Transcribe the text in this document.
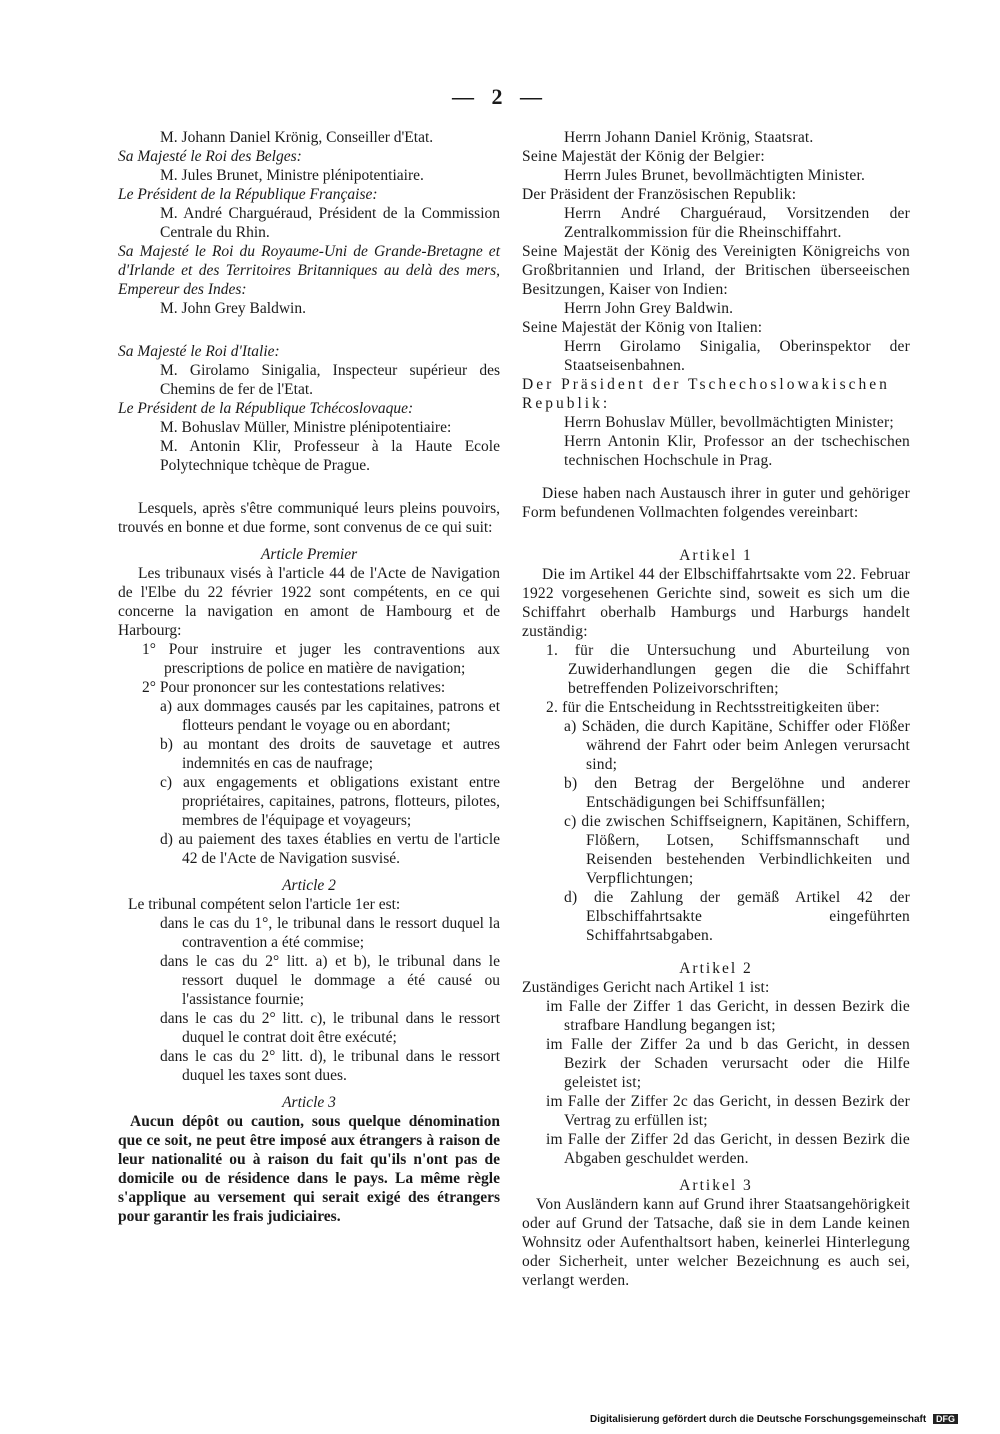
— 2 —
M. Johann Daniel Krönig, Conseiller d'Etat.
Sa Majesté le Roi des Belges:
M. Jules Brunet, Ministre plénipotentiaire.
Le Président de la République Française:
M. André Charguéraud, Président de la Commission Centrale du Rhin.
Sa Majesté le Roi du Royaume-Uni de Grande-Bretagne et d'Irlande et des Territoires Britanniques au delà des mers, Empereur des Indes:
M. John Grey Baldwin.
Sa Majesté le Roi d'Italie:
M. Girolamo Sinigalia, Inspecteur supérieur des Chemins de fer de l'Etat.
Le Président de la République Tchécoslovaque:
M. Bohuslav Müller, Ministre plénipotentiaire:
M. Antonin Klir, Professeur à la Haute Ecole Polytechnique tchèque de Prague.
Lesquels, après s'être communiqué leurs pleins pouvoirs, trouvés en bonne et due forme, sont convenus de ce qui suit:
Article Premier
Les tribunaux visés à l'article 44 de l'Acte de Navigation de l'Elbe du 22 février 1922 sont compétents, en ce qui concerne la navigation en amont de Hambourg et de Harbourg:
1° Pour instruire et juger les contraventions aux prescriptions de police en matière de navigation;
2° Pour prononcer sur les contestations relatives:
a) aux dommages causés par les capitaines, patrons et flotteurs pendant le voyage ou en abordant;
b) au montant des droits de sauvetage et autres indemnités en cas de naufrage;
c) aux engagements et obligations existant entre propriétaires, capitaines, patrons, flotteurs, pilotes, membres de l'équipage et voyageurs;
d) au paiement des taxes établies en vertu de l'article 42 de l'Acte de Navigation susvisé.
Article 2
Le tribunal compétent selon l'article 1er est:
dans le cas du 1°, le tribunal dans le ressort duquel la contravention a été commise;
dans le cas du 2° litt. a) et b), le tribunal dans le ressort duquel le dommage a été causé ou l'assistance fournie;
dans le cas du 2° litt. c), le tribunal dans le ressort duquel le contrat doit être exécuté;
dans le cas du 2° litt. d), le tribunal dans le ressort duquel les taxes sont dues.
Article 3
Aucun dépôt ou caution, sous quelque dénomination que ce soit, ne peut être imposé aux étrangers à raison de leur nationalité ou à raison du fait qu'ils n'ont pas de domicile ou de résidence dans le pays. La même règle s'applique au versement qui serait exigé des étrangers pour garantir les frais judiciaires.
Herrn Johann Daniel Krönig, Staatsrat.
Seine Majestät der König der Belgier:
Herrn Jules Brunet, bevollmächtigten Minister.
Der Präsident der Französischen Republik:
Herrn André Charguéraud, Vorsitzenden der Zentralkommission für die Rheinschiffahrt.
Seine Majestät der König des Vereinigten Königreichs von Großbritannien und Irland, der Britischen überseeischen Besitzungen, Kaiser von Indien:
Herrn John Grey Baldwin.
Seine Majestät der König von Italien:
Herrn Girolamo Sinigalia, Oberinspektor der Staatseisenbahnen.
Der Präsident der Tschechoslowakischen Republik:
Herrn Bohuslav Müller, bevollmächtigten Minister;
Herrn Antonin Klir, Professor an der tschechischen technischen Hochschule in Prag.
Diese haben nach Austausch ihrer in guter und gehöriger Form befundenen Vollmachten folgendes vereinbart:
Artikel 1
Die im Artikel 44 der Elbschiffahrtsakte vom 22. Februar 1922 vorgesehenen Gerichte sind, soweit es sich um die Schiffahrt oberhalb Hamburgs und Harburgs handelt zuständig:
1. für die Untersuchung und Aburteilung von Zuwiderhandlungen gegen die die Schiffahrt betreffenden Polizeivorschriften;
2. für die Entscheidung in Rechtsstreitigkeiten über:
a) Schäden, die durch Kapitäne, Schiffer oder Flößer während der Fahrt oder beim Anlegen verursacht sind;
b) den Betrag der Bergelöhne und anderer Entschädigungen bei Schiffsunfällen;
c) die zwischen Schiffseignern, Kapitänen, Schiffern, Flößern, Lotsen, Schiffsmannschaft und Reisenden bestehenden Verbindlichkeiten und Verpflichtungen;
d) die Zahlung der gemäß Artikel 42 der Elbschiffahrtsakte eingeführten Schiffahrtsabgaben.
Artikel 2
Zuständiges Gericht nach Artikel 1 ist:
im Falle der Ziffer 1 das Gericht, in dessen Bezirk die strafbare Handlung begangen ist;
im Falle der Ziffer 2a und b das Gericht, in dessen Bezirk der Schaden verursacht oder die Hilfe geleistet ist;
im Falle der Ziffer 2c das Gericht, in dessen Bezirk der Vertrag zu erfüllen ist;
im Falle der Ziffer 2d das Gericht, in dessen Bezirk die Abgaben geschuldet werden.
Artikel 3
Von Ausländern kann auf Grund ihrer Staatsangehörigkeit oder auf Grund der Tatsache, daß sie in dem Lande keinen Wohnsitz oder Aufenthaltsort haben, keinerlei Hinterlegung oder Sicherheit, unter welcher Bezeichnung es auch sei, verlangt werden.
Digitalisierung gefördert durch die Deutsche Forschungsgemeinschaft DFG
